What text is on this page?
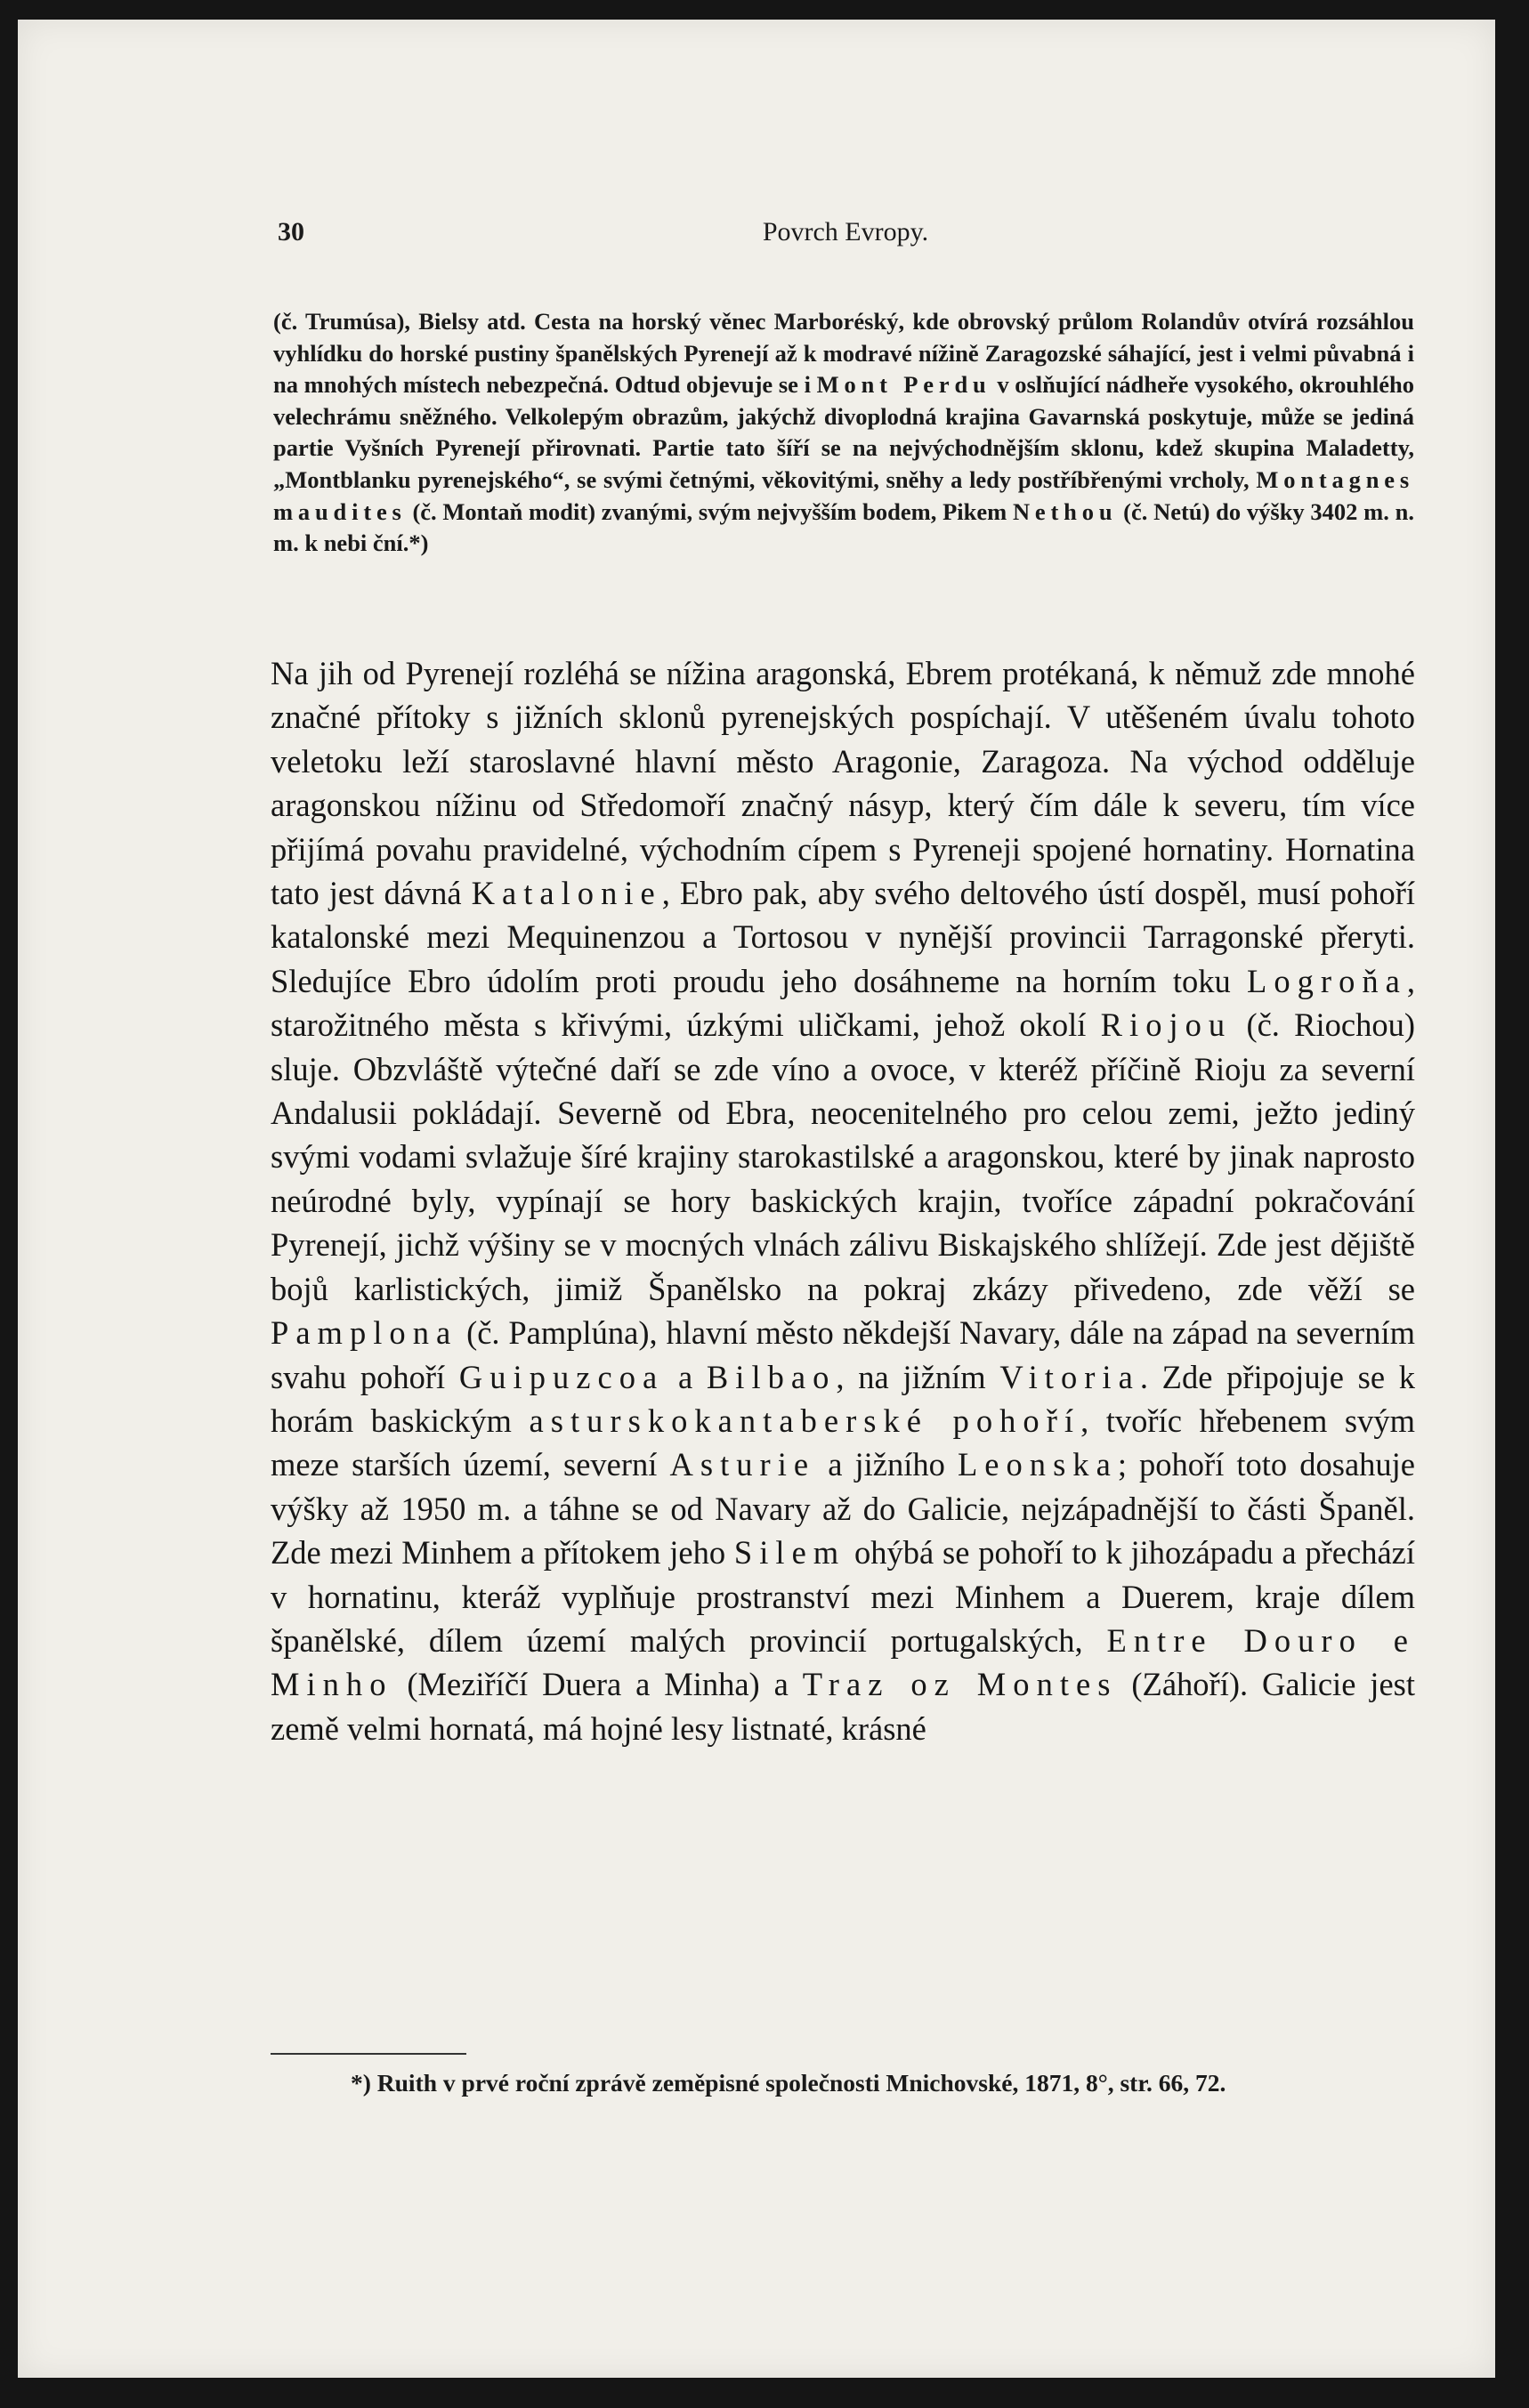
30	Povrch Evropy.

(č. Trumúsa), Bielsy atd. Cesta na horský věnec Marboréský, kde obrovský průlom Rolandův otvírá rozsáhlou vyhlídku do horské pustiny španělských Pyrenejí až k modravé nížině Zaragozské sáhající, jest i velmi půvabná i na mnohých místech nebezpečná. Odtud objevuje se i Mont Perdu v oslňující nádheře vysokého, okrouhlého velechrámu sněžného. Velkolepým obrazům, jakýchž divoplodná krajina Gavarnská poskytuje, může se jediná partie Vyšních Pyrenejí přirovnati. Partie tato šíří se na nejvýchodnějším sklonu, kdež skupina Maladetty, „Montblanku pyrenejského“, se svými četnými, věkovitými, sněhy a ledy postříbřenými vrcholy, Montagnes maudites (č. Montaň modit) zvanými, svým nejvyšším bodem, Pikem Nethou (č. Netú) do výšky 3402 m. n. m. k nebi ční.*)

Na jih od Pyrenejí rozléhá se nížina aragonská, Ebrem protékaná, k němuž zde mnohé značné přítoky s jižních sklonů pyrenejských pospíchají. V utěšeném úvalu tohoto veletoku leží staroslavné hlavní město Aragonie, Zaragoza. Na východ odděluje aragonskou nížinu od Středomoří značný násyp, který čím dále k severu, tím více přijímá povahu pravidelné, východním cípem s Pyreneji spojené hornatiny. Hornatina tato jest dávná Katalonie, Ebro pak, aby svého deltového ústí dospěl, musí pohoří katalonské mezi Mequinenzou a Tortosou v nynější provincii Tarragonské přeryti. Sledujíce Ebro údolím proti proudu jeho dosáhneme na horním toku Logroňa, starožitného města s křivými, úzkými uličkami, jehož okolí Riojou (č. Riochou) sluje. Obzvláště výtečné daří se zde víno a ovoce, v kteréž příčině Rioju za severní Andalusii pokládají. Severně od Ebra, neocenitelného pro celou zemi, ježto jediný svými vodami svlažuje šíré krajiny starokastilské a aragonskou, které by jinak naprosto neúrodné byly, vypínají se hory baskických krajin, tvoříce západní pokračování Pyrenejí, jichž výšiny se v mocných vlnách zálivu Biskajského shlížejí. Zde jest dějiště bojů karlistických, jimiž Španělsko na pokraj zkázy přivedeno, zde věží se Pamplona (č. Pamplúna), hlavní město někdejší Navary, dále na západ na severním svahu pohoří Guipuzcoa a Bilbao, na jižním Vitoria. Zde připojuje se k horám baskickým asturskokantaberské pohoří, tvoříc hřebenem svým meze starších území, severní Asturie a jižního Leonska; pohoří toto dosahuje výšky až 1950 m. a táhne se od Navary až do Galicie, nejzápadnější to části Španěl. Zde mezi Minhem a přítokem jeho Silem ohýbá se pohoří to k jihozápadu a přechází v hornatinu, kteráž vyplňuje prostranství mezi Minhem a Duerem, kraje dílem španělské, dílem území malých provincií portugalských, Entre Douro e Minho (Meziříčí Duera a Minha) a Traz oz Montes (Záhoří). Galicie jest země velmi hornatá, má hojné lesy listnaté, krásné

*) Ruith v prvé roční zprávě zeměpisné společnosti Mnichovské, 1871, 8°, str. 66, 72.
